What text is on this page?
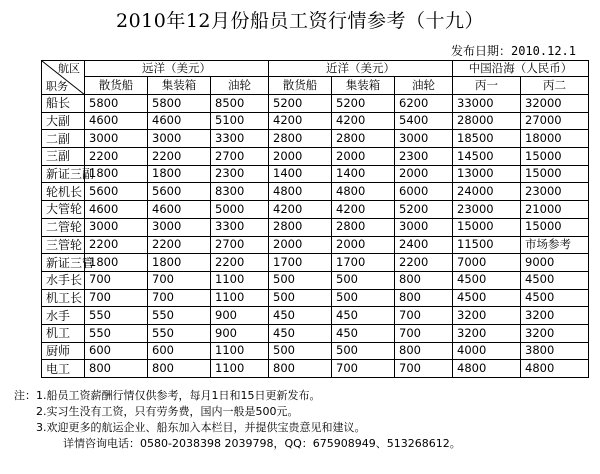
2010年12月份船员工资行情参考（十九）
发布日期：2010.12.1
航区
职务	远洋（美元）			近洋（美元）			中国沿海（人民币）	
	散货船	集装箱	油轮	散货船	集装箱	油轮	丙一	丙二
船长	5800	5800	8500	5200	5200	6200	33000	32000
大副	4600	4600	5100	4200	4200	5400	28000	27000
二副	3000	3000	3300	2800	2800	3000	18500	18000
三副	2200	2200	2700	2000	2000	2300	14500	15000
新证三副	1800	1800	2300	1400	1400	2000	13000	15000
轮机长	5600	5600	8300	4800	4800	6000	24000	23000
大管轮	4600	4600	5000	4200	4200	5200	23000	21000
二管轮	3000	3000	3300	2800	2800	3000	15000	15000
三管轮	2200	2200	2700	2000	2000	2400	11500	市场参考
新证三管	1800	1800	2200	1700	1700	2200	7000	9000
水手长	700	700	1100	500	500	800	4500	4500
机工长	700	700	1100	500	500	800	4500	4500
水手	550	550	900	450	450	700	3200	3200
机工	550	550	900	450	450	700	3200	3200
厨师	600	600	1100	500	500	800	4000	3800
电工	800	800	1100	800	700	700	4800	4800
注：1.船员工资薪酬行情仅供参考，每月1日和15日更新发布。
2.实习生没有工资，只有劳务费，国内一般是500元。
3.欢迎更多的航运企业、船东加入本栏目，并提供宝贵意见和建议。
详情咨询电话：0580-2038398 2039798，QQ：675908949、513268612。
